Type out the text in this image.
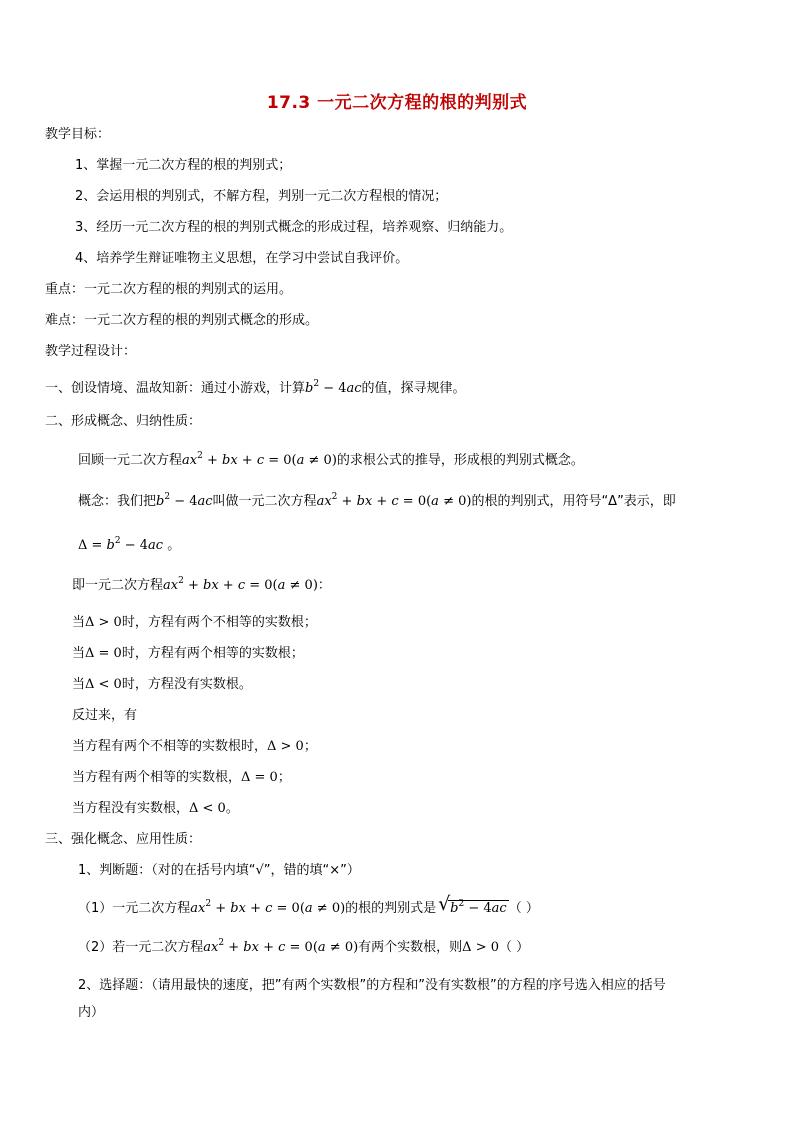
17.3 一元二次方程的根的判别式
教学目标：
1、掌握一元二次方程的根的判别式；
2、会运用根的判别式，不解方程，判别一元二次方程根的情况；
3、经历一元二次方程的根的判别式概念的形成过程，培养观察、归纳能力。
4、培养学生辩证唯物主义思想，在学习中尝试自我评价。
重点：一元二次方程的根的判别式的运用。
难点：一元二次方程的根的判别式概念的形成。
教学过程设计：
一、创设情境、温故知新：通过小游戏，计算$b^2 - 4ac$的值，探寻规律。
二、形成概念、归纳性质：
回顾一元二次方程$ax^2$ + bx + c = 0(a ≠ 0)的求根公式的推导，形成根的判别式概念。
概念：我们把$b^2 - 4ac$叫做一元二次方程$ax^2$ + bx + c = 0(a ≠ 0)的根的判别式，用符号“Δ”表示，即
$\Delta = b^2 - 4ac$ 。
即一元二次方程$ax^2$ + bx + c = 0(a ≠ 0)：
当Δ > 0时，方程有两个不相等的实数根；
当Δ = 0时，方程有两个相等的实数根；
当Δ < 0时，方程没有实数根。
反过来，有
当方程有两个不相等的实数根时，Δ > 0；
当方程有两个相等的实数根，Δ = 0；
当方程没有实数根，Δ < 0。
三、强化概念、应用性质：
1、判断题：（对的在括号内填“√”，错的填“×”）
（1）一元二次方程$ax^2$ + bx + c = 0(a ≠ 0)的根的判别式是 √ $b^2 - 4ac$ （ ）
（2）若一元二次方程$ax^2$ + bx + c = 0(a ≠ 0)有两个实数根，则Δ > 0（ ）
2、选择题：（请用最快的速度，把”有两个实数根”的方程和”没有实数根”的方程的序号选入相应的括号
内）
